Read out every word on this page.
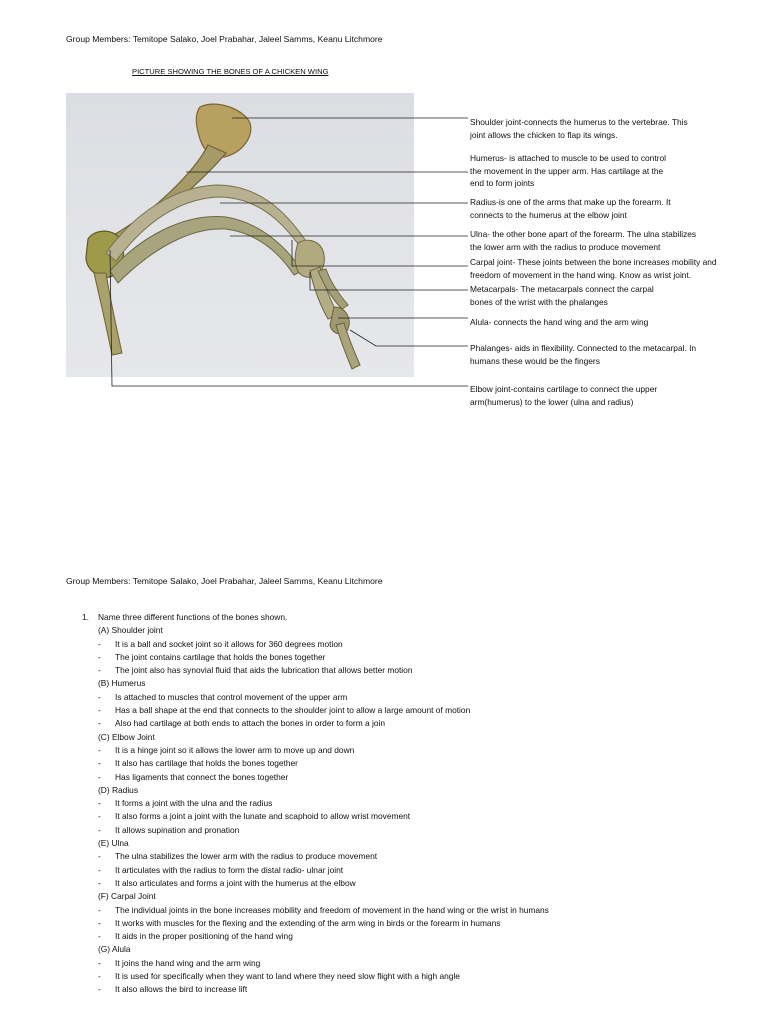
Group Members: Temitope Salako, Joel Prabahar, Jaleel Samms, Keanu Litchmore
PICTURE SHOWING THE BONES OF A CHICKEN WING
Shoulder joint-connects the humerus to the vertebrae. This
joint allows the chicken to flap its wings.
Humerus- is attached to muscle to be used to control
the movement in the upper arm. Has cartilage at the
end to form joints
Radius-is one of the arms that make up the forearm. It
connects to the humerus at the elbow joint
Ulna- the other bone apart of the forearm. The ulna stabilizes
the lower arm with the radius to produce movement
Carpal joint- These joints between the bone increases mobility and
freedom of movement in the hand wing. Know as wrist joint.
Metacarpals- The metacarpals connect the carpal
bones of the wrist with the phalanges
Alula- connects the hand wing and the arm wing
Phalanges- aids in flexibility. Connected to the metacarpal. In
humans these would be the fingers
Elbow joint-contains cartilage to connect the upper
arm(humerus) to the lower (ulna and radius)
Group Members: Temitope Salako, Joel Prabahar, Jaleel Samms, Keanu Litchmore
1. Name three different functions of the bones shown.
(A) Shoulder joint
- It is a ball and socket joint so it allows for 360 degrees motion
- The joint contains cartilage that holds the bones together
- The joint also has synovial fluid that aids the lubrication that allows better motion
(B) Humerus
- Is attached to muscles that control movement of the upper arm
- Has a ball shape at the end that connects to the shoulder joint to allow a large amount of motion
- Also had cartilage at both ends to attach the bones in order to form a join
(C) Elbow Joint
- It is a hinge joint so it allows the lower arm to move up and down
- It also has cartilage that holds the bones together
- Has ligaments that connect the bones together
(D) Radius
- It forms a joint with the ulna and the radius
- It also forms a joint a joint with the lunate and scaphoid to allow wrist movement
- It allows supination and pronation
(E) Ulna
- The ulna stabilizes the lower arm with the radius to produce movement
- It articulates with the radius to form the distal radio- ulnar joint
- It also articulates and forms a joint with the humerus at the elbow
(F) Carpal Joint
- The individual joints in the bone increases mobility and freedom of movement in the hand wing or the wrist in humans
- It works with muscles for the flexing and the extending of the arm wing in birds or the forearm in humans
- It aids in the proper positioning of the hand wing
(G) Alula
- It joins the hand wing and the arm wing
- It is used for specifically when they want to land where they need slow flight with a high angle
- It also allows the bird to increase lift
